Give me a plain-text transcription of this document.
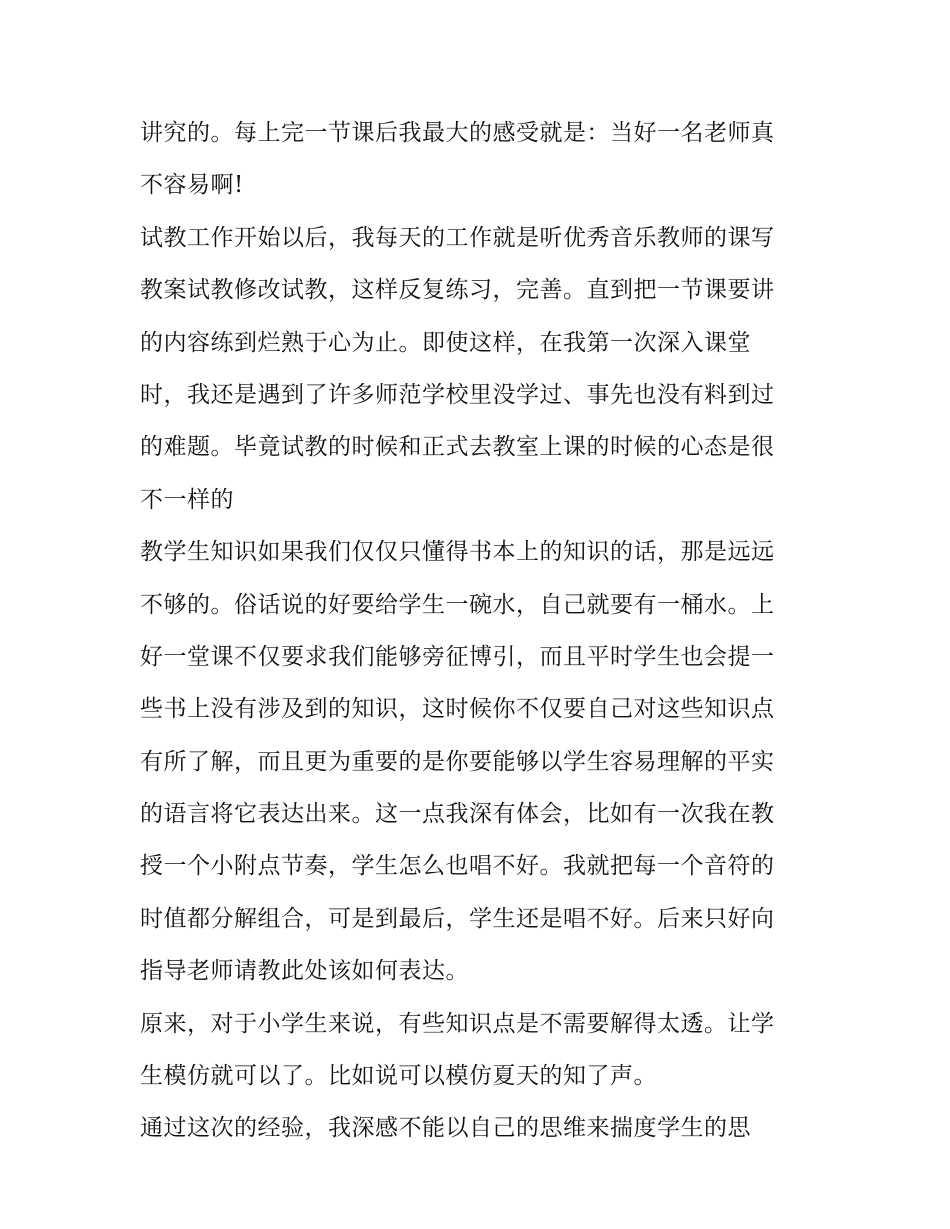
讲究的。每上完一节课后我最大的感受就是：当好一名老师真
不容易啊!
试教工作开始以后，我每天的工作就是听优秀音乐教师的课写
教案试教修改试教，这样反复练习，完善。直到把一节课要讲
的内容练到烂熟于心为止。即使这样，在我第一次深入课堂
时，我还是遇到了许多师范学校里没学过、事先也没有料到过
的难题。毕竟试教的时候和正式去教室上课的时候的心态是很
不一样的
教学生知识如果我们仅仅只懂得书本上的知识的话，那是远远
不够的。俗话说的好要给学生一碗水，自己就要有一桶水。上
好一堂课不仅要求我们能够旁征博引，而且平时学生也会提一
些书上没有涉及到的知识，这时候你不仅要自己对这些知识点
有所了解，而且更为重要的是你要能够以学生容易理解的平实
的语言将它表达出来。这一点我深有体会，比如有一次我在教
授一个小附点节奏，学生怎么也唱不好。我就把每一个音符的
时值都分解组合，可是到最后，学生还是唱不好。后来只好向
指导老师请教此处该如何表达。
原来，对于小学生来说，有些知识点是不需要解得太透。让学
生模仿就可以了。比如说可以模仿夏天的知了声。
通过这次的经验，我深感不能以自己的思维来揣度学生的思
